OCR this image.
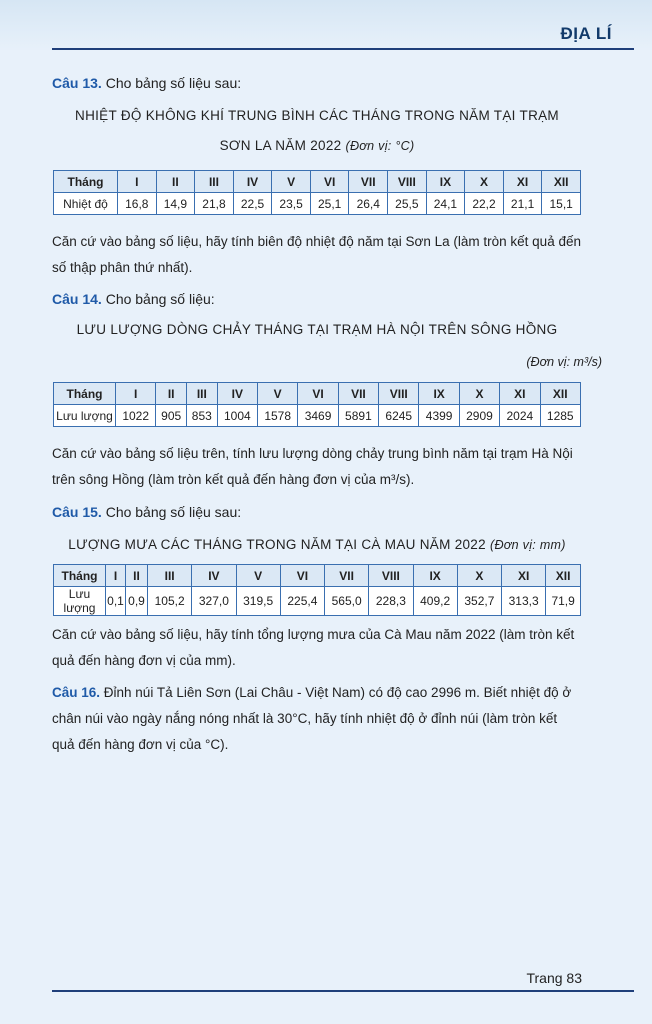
ĐỊA LÍ
Câu 13. Cho bảng số liệu sau:
NHIỆT ĐỘ KHÔNG KHÍ TRUNG BÌNH CÁC THÁNG TRONG NĂM TẠI TRẠM
SƠN LA NĂM 2022 (Đơn vị: °C)
Tháng	I	II	III	IV	V	VI	VII	VIII	IX	X	XI	XII
Nhiệt độ	16,8	14,9	21,8	22,5	23,5	25,1	26,4	25,5	24,1	22,2	21,1	15,1
Căn cứ vào bảng số liệu, hãy tính biên độ nhiệt độ năm tại Sơn La (làm tròn kết quả đến số thập phân thứ nhất).
Câu 14. Cho bảng số liệu:
LƯU LƯỢNG DÒNG CHẢY THÁNG TẠI TRẠM HÀ NỘI TRÊN SÔNG HỒNG
(Đơn vị: m³/s)
Tháng	I	II	III	IV	V	VI	VII	VIII	IX	X	XI	XII
Lưu lượng	1022	905	853	1004	1578	3469	5891	6245	4399	2909	2024	1285
Căn cứ vào bảng số liệu trên, tính lưu lượng dòng chảy trung bình năm tại trạm Hà Nội trên sông Hồng (làm tròn kết quả đến hàng đơn vị của m³/s).
Câu 15. Cho bảng số liệu sau:
LƯỢNG MƯA CÁC THÁNG TRONG NĂM TẠI CÀ MAU NĂM 2022 (Đơn vị: mm)
Tháng	I	II	III	IV	V	VI	VII	VIII	IX	X	XI	XII
Lưu lượng	0,1	0,9	105,2	327,0	319,5	225,4	565,0	228,3	409,2	352,7	313,3	71,9
Căn cứ vào bảng số liệu, hãy tính tổng lượng mưa của Cà Mau năm 2022 (làm tròn kết quả đến hàng đơn vị của mm).
Câu 16. Đỉnh núi Tả Liên Sơn (Lai Châu - Việt Nam) có độ cao 2996 m. Biết nhiệt độ ở chân núi vào ngày nắng nóng nhất là 30°C, hãy tính nhiệt độ ở đỉnh núi (làm tròn kết quả đến hàng đơn vị của °C).
Trang 83
